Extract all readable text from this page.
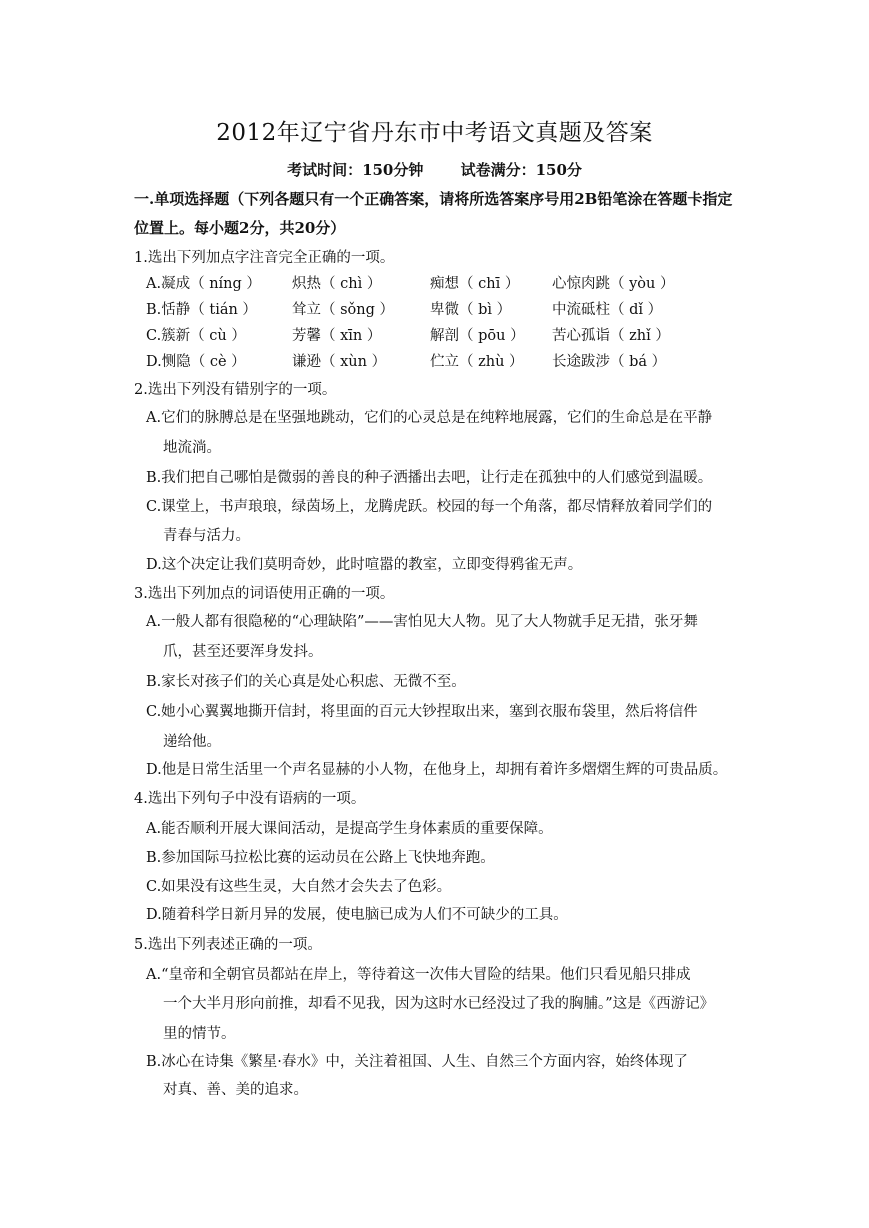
2012年辽宁省丹东市中考语文真题及答案
考试时间：150分钟 试卷满分：150分
一.单项选择题（下列各题只有一个正确答案，请将所选答案序号用2B铅笔涂在答题卡指定位置上。每小题2分，共20分）
1.选出下列加点字注音完全正确的一项。
A.凝成（ níng ） 炽热（ chì ）	痴想（ chī ） 心惊肉跳（ yòu ）
B.恬静（ tián ） 耸立（ sǒng ） 卑微（ bì ）	中流砥柱（ dǐ ）
C.簇新（ cù ）	芳馨（ xīn ）	解剖（ pōu ） 苦心孤诣（ zhǐ ）
D.恻隐（ cè ）	谦逊（ xùn ）	伫立（ zhù ） 长途跋涉（ bá ）
2.选出下列没有错别字的一项。
A.它们的脉膊总是在坚强地跳动，它们的心灵总是在纯粹地展露，它们的生命总是在平静
地流淌。
B.我们把自己哪怕是微弱的善良的种子洒播出去吧，让行走在孤独中的人们感觉到温暖。
C.课堂上，书声琅琅，绿茵场上，龙腾虎跃。校园的每一个角落，都尽情释放着同学们的
青春与活力。
D.这个决定让我们莫明奇妙，此时喧嚣的教室，立即变得鸦雀无声。
3.选出下列加点的词语使用正确的一项。
A.一般人都有很隐秘的“心理缺陷”——害怕见大人物。见了大人物就手足无措，张牙舞
爪，甚至还要浑身发抖。
B.家长对孩子们的关心真是处心积虑、无微不至。
C.她小心翼翼地撕开信封，将里面的百元大钞捏取出来，塞到衣服布袋里，然后将信件
递给他。
D.他是日常生活里一个声名显赫的小人物，在他身上，却拥有着许多熠熠生辉的可贵品质。
4.选出下列句子中没有语病的一项。
A.能否顺利开展大课间活动，是提高学生身体素质的重要保障。
B.参加国际马拉松比赛的运动员在公路上飞快地奔跑。
C.如果没有这些生灵，大自然才会失去了色彩。
D.随着科学日新月异的发展，使电脑已成为人们不可缺少的工具。
5.选出下列表述正确的一项。
A.“皇帝和全朝官员都站在岸上，等待着这一次伟大冒险的结果。他们只看见船只排成
一个大半月形向前推，却看不见我，因为这时水已经没过了我的胸脯。”这是《西游记》
里的情节。
B.冰心在诗集《繁星·春水》中，关注着祖国、人生、自然三个方面内容，始终体现了
对真、善、美的追求。
